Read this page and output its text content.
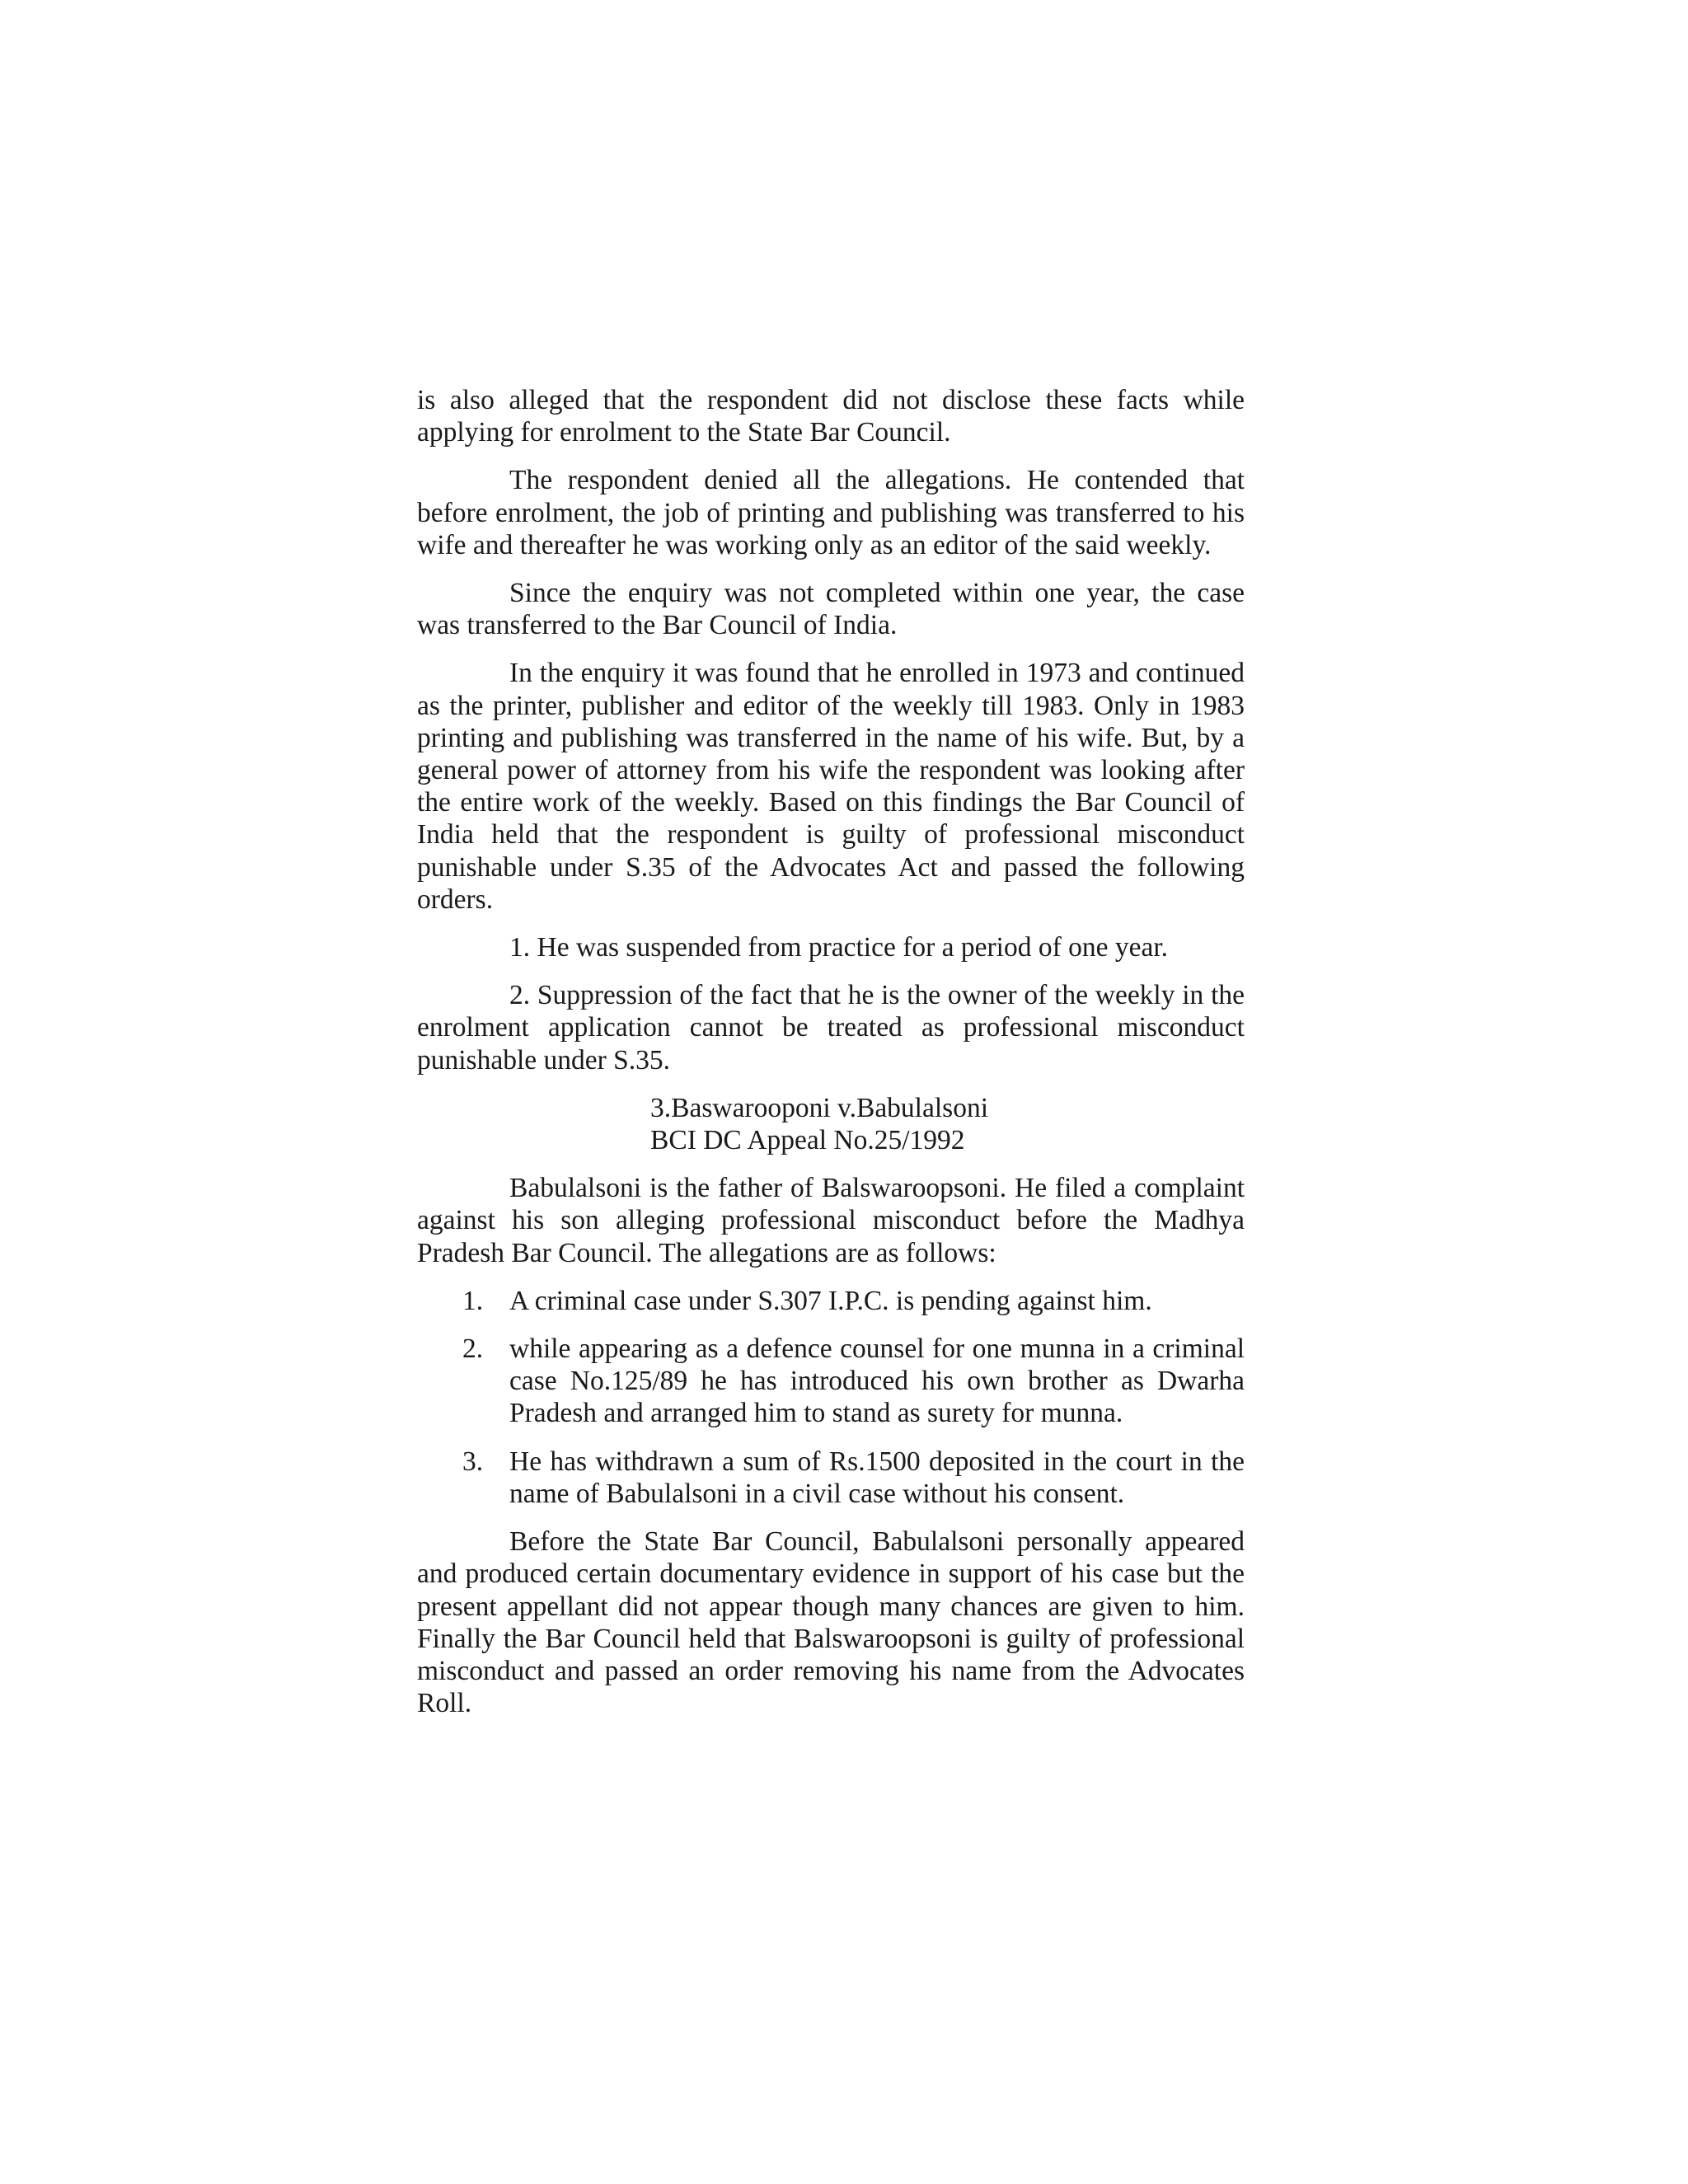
is also alleged that the respondent did not disclose these facts while applying for enrolment to the State Bar Council.

The respondent denied all the allegations. He contended that before enrolment, the job of printing and publishing was transferred to his wife and thereafter he was working only as an editor of the said weekly.

Since the enquiry was not completed within one year, the case was transferred to the Bar Council of India.

In the enquiry it was found that he enrolled in 1973 and continued as the printer, publisher and editor of the weekly till 1983. Only in 1983 printing and publishing was transferred in the name of his wife. But, by a general power of attorney from his wife the respondent was looking after the entire work of the weekly. Based on this findings the Bar Council of India held that the respondent is guilty of professional misconduct punishable under S.35 of the Advocates Act and passed the following orders.

1. He was suspended from practice for a period of one year.

2. Suppression of the fact that he is the owner of the weekly in the enrolment application cannot be treated as professional misconduct punishable under S.35.

3.Baswarooponi v.Babulalsoni
BCI DC Appeal No.25/1992

Babulalsoni is the father of Balswaroopsoni. He filed a complaint against his son alleging professional misconduct before the Madhya Pradesh Bar Council. The allegations are as follows:

1. A criminal case under S.307 I.P.C. is pending against him.
2. while appearing as a defence counsel for one munna in a criminal case No.125/89 he has introduced his own brother as Dwarha Pradesh and arranged him to stand as surety for munna.
3. He has withdrawn a sum of Rs.1500 deposited in the court in the name of Babulalsoni in a civil case without his consent.

Before the State Bar Council, Babulalsoni personally appeared and produced certain documentary evidence in support of his case but the present appellant did not appear though many chances are given to him. Finally the Bar Council held that Balswaroopsoni is guilty of professional misconduct and passed an order removing his name from the Advocates Roll.
